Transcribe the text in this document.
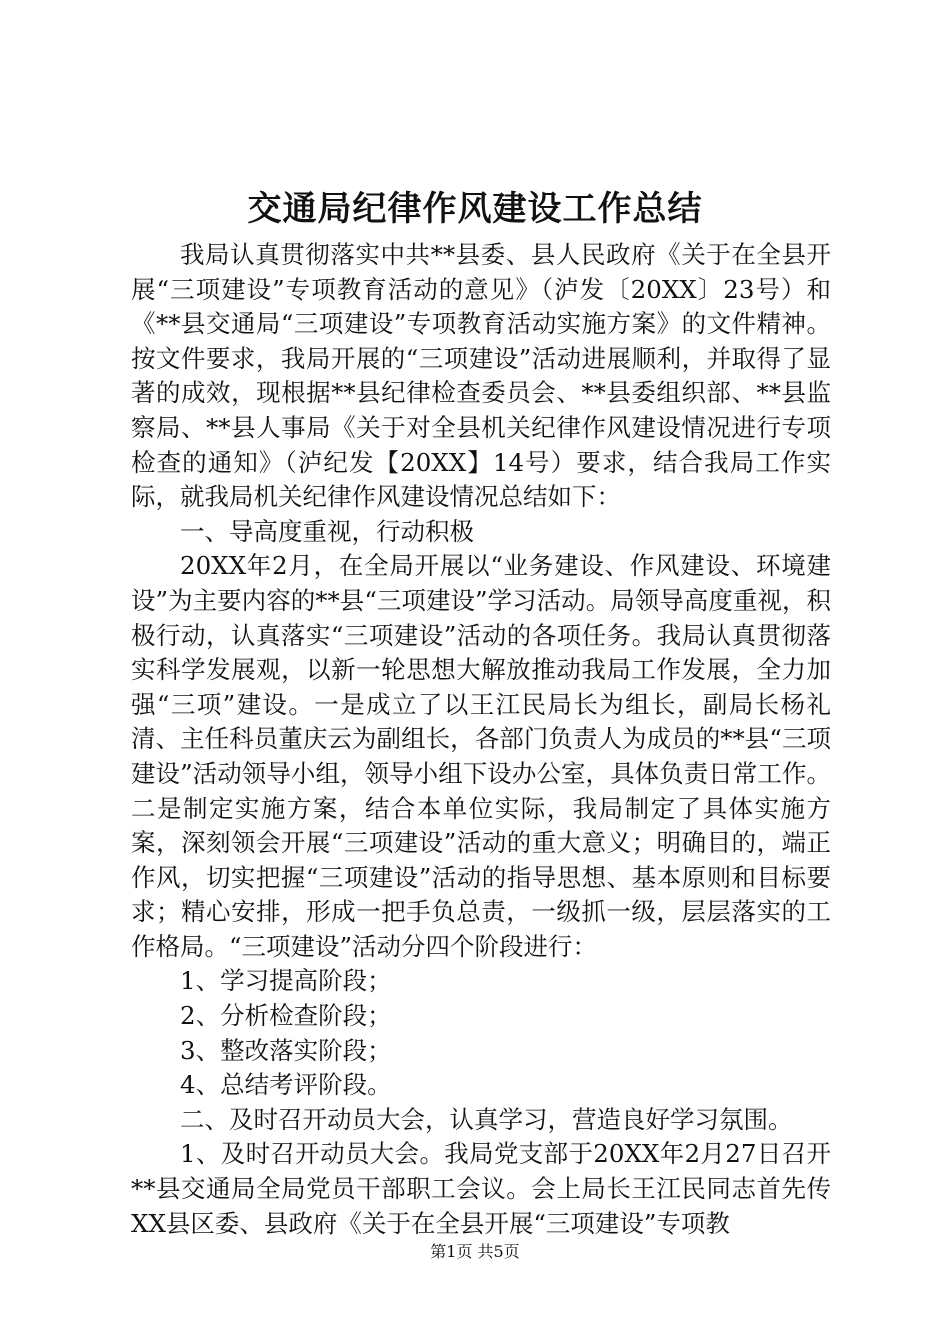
交通局纪律作风建设工作总结

我局认真贯彻落实中共**县委、县人民政府《关于在全县开展“三项建设”专项教育活动的意见》（泸发〔20XX〕23号）和《**县交通局“三项建设”专项教育活动实施方案》的文件精神。按文件要求，我局开展的“三项建设”活动进展顺利，并取得了显著的成效，现根据**县纪律检查委员会、**县委组织部、**县监察局、**县人事局《关于对全县机关纪律作风建设情况进行专项检查的通知》（泸纪发【20XX】14号）要求，结合我局工作实际，就我局机关纪律作风建设情况总结如下：

一、导高度重视，行动积极

20XX年2月，在全局开展以“业务建设、作风建设、环境建设”为主要内容的**县“三项建设”学习活动。局领导高度重视，积极行动，认真落实“三项建设”活动的各项任务。我局认真贯彻落实科学发展观，以新一轮思想大解放推动我局工作发展，全力加强“三项”建设。一是成立了以王江民局长为组长，副局长杨礼清、主任科员董庆云为副组长，各部门负责人为成员的**县“三项建设”活动领导小组，领导小组下设办公室，具体负责日常工作。二是制定实施方案，结合本单位实际，我局制定了具体实施方案，深刻领会开展“三项建设”活动的重大意义；明确目的，端正作风，切实把握“三项建设”活动的指导思想、基本原则和目标要求；精心安排，形成一把手负总责，一级抓一级，层层落实的工作格局。“三项建设”活动分四个阶段进行：

1、学习提高阶段；

2、分析检查阶段；

3、整改落实阶段；

4、总结考评阶段。

二、及时召开动员大会，认真学习，营造良好学习氛围。

1、及时召开动员大会。我局党支部于20XX年2月27日召开**县交通局全局党员干部职工会议。会上局长王江民同志首先传XX县区委、县政府《关于在全县开展“三项建设”专项教

第1页 共5页
